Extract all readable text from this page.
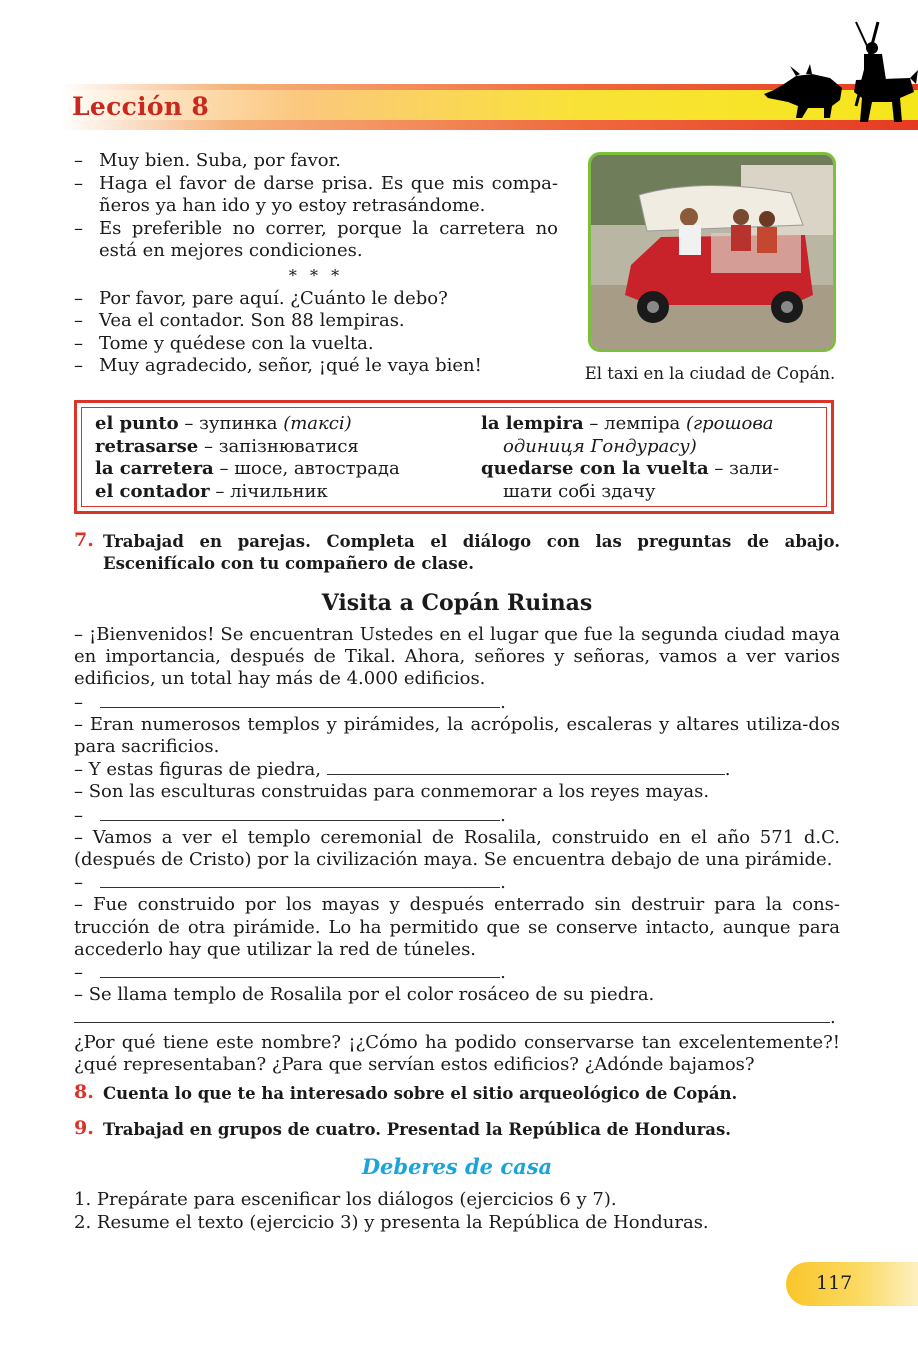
Lección 8
– Muy bien. Suba, por favor.
– Haga el favor de darse prisa. Es que mis compa-ñeros ya han ido y yo estoy retrasándome.
– Es preferible no correr, porque la carretera no está en mejores condiciones.
* * *
– Por favor, pare aquí. ¿Cuánto le debo?
– Vea el contador. Son 88 lempiras.
– Tome y quédese con la vuelta.
– Muy agradecido, señor, ¡qué le vaya bien!	El taxi en la ciudad de Copán.
el punto – зупинка (таксі)
retrasarse – запізнюватися
la carretera – шосе, автострада
el contador – лічильник
la lempira – лемпіра (грошова
одиниця Гондурасу)
quedarse con la vuelta – зали-
шати собі здачу
7. Trabajad en parejas. Completa el diálogo con las preguntas de abajo. Escenifícalo con tu compañero de clase.
Visita a Copán Ruinas
– ¡Bienvenidos! Se encuentran Ustedes en el lugar que fue la segunda ciudad maya en importancia, después de Tikal. Ahora, señores y señoras, vamos a ver varios edificios, un total hay más de 4.000 edificios.
–	.
– Eran numerosos templos y pirámides, la acrópolis, escaleras y altares utiliza-dos para sacrificios.
– Y estas figuras de piedra,	.
– Son las esculturas construidas para conmemorar a los reyes mayas.
–	.
– Vamos a ver el templo ceremonial de Rosalila, construido en el año 571 d.C. (después de Cristo) por la civilización maya. Se encuentra debajo de una pirámide.
–	.
– Fue construido por los mayas y después enterrado sin destruir para la cons-trucción de otra pirámide. Lo ha permitido que se conserve intacto, aunque para accederlo hay que utilizar la red de túneles.
–	.
– Se llama templo de Rosalila por el color rosáceo de su piedra.
.
¿Por qué tiene este nombre? ¡¿Cómo ha podido conservarse tan excelentemente?! ¿qué representaban? ¿Para que servían estos edificios? ¿Adónde bajamos?
8. Cuenta lo que te ha interesado sobre el sitio arqueológico de Copán.
9. Trabajad en grupos de cuatro. Presentad la República de Honduras.
Deberes de casa
1. Prepárate para escenificar los diálogos (ejercicios 6 y 7).
2. Resume el texto (ejercicio 3) y presenta la República de Honduras.
117
